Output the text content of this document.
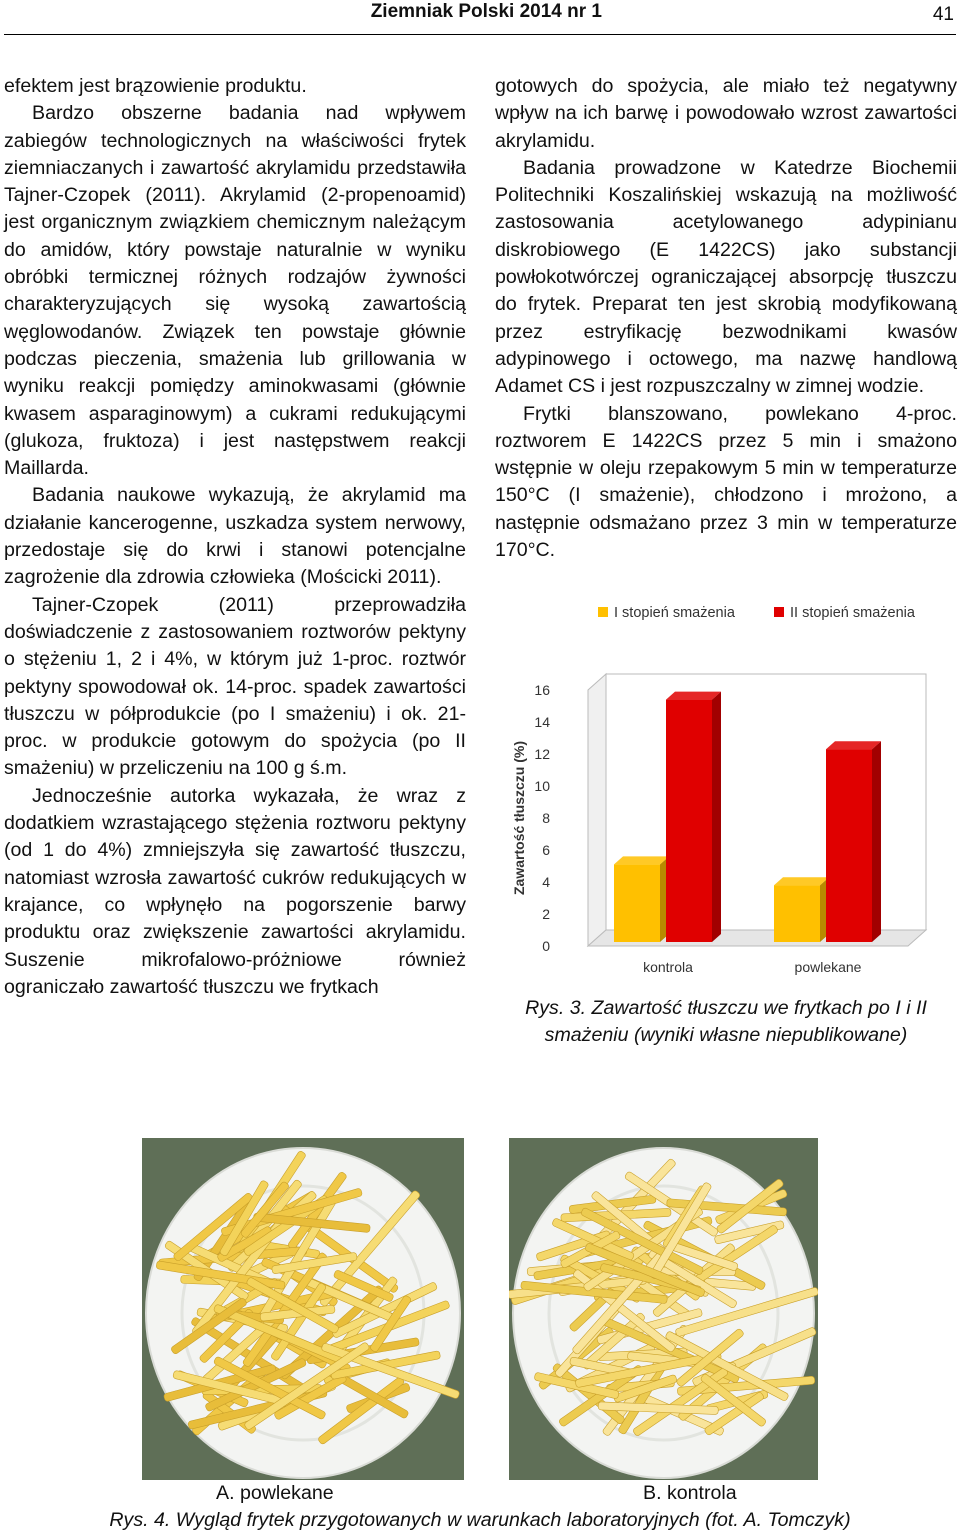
Ziemniak Polski 2014 nr 1	41

efektem jest brązowienie produktu.

Bardzo obszerne badania nad wpływem zabiegów technologicznych na właściwości frytek ziemniaczanych i zawartość akrylamidu przedstawiła Tajner-Czopek (2011). Akrylamid (2-propenoamid) jest organicznym związkiem chemicznym należącym do amidów, który powstaje naturalnie w wyniku obróbki termicznej różnych rodzajów żywności charakteryzujących się wysoką zawartością węglowodanów. Związek ten powstaje głównie podczas pieczenia, smażenia lub grillowania w wyniku reakcji pomiędzy aminokwasami (głównie kwasem asparaginowym) a cukrami redukującymi (glukoza, fruktoza) i jest następstwem reakcji Maillarda.

Badania naukowe wykazują, że akrylamid ma działanie kancerogenne, uszkadza system nerwowy, przedostaje się do krwi i stanowi potencjalne zagrożenie dla zdrowia człowieka (Mościcki 2011).

Tajner-Czopek (2011) przeprowadziła doświadczenie z zastosowaniem roztworów pektyny o stężeniu 1, 2 i 4%, w którym już 1-proc. roztwór pektyny spowodował ok. 14-proc. spadek zawartości tłuszczu w półprodukcie (po I smażeniu) i ok. 21-proc. w produkcie gotowym do spożycia (po II smażeniu) w przeliczeniu na 100 g ś.m.

Jednocześnie autorka wykazała, że wraz z dodatkiem wzrastającego stężenia roztworu pektyny (od 1 do 4%) zmniejszyła się zawartość tłuszczu, natomiast wzrosła zawartość cukrów redukujących w krajance, co wpłynęło na pogorszenie barwy produktu oraz zwiększenie zawartości akrylamidu. Suszenie mikrofalowo-próżniowe również ograniczało zawartość tłuszczu we frytkach

gotowych do spożycia, ale miało też negatywny wpływ na ich barwę i powodowało wzrost zawartości akrylamidu.

Badania prowadzone w Katedrze Biochemii Politechniki Koszalińskiej wskazują na możliwość zastosowania acetylowanego adypinianu diskrobiowego (E 1422CS) jako substancji powłokotwórczej ograniczającej absorpcję tłuszczu do frytek. Preparat ten jest skrobią modyfikowaną przez estryfikację bezwodnikami kwasów adypinowego i octowego, ma nazwę handlową Adamet CS i jest rozpuszczalny w zimnej wodzie.

Frytki blanszowano, powlekano 4-proc. roztworem E 1422CS przez 5 min i smażono wstępnie w oleju rzepakowym 5 min w temperaturze 150°C (I smażenie), chłodzono i mrożono, a następnie odsmażano przez 3 min w temperaturze 170°C.

I stopień smażenia	II stopień smażenia
0
2
4
6
8
10
12
14
16
Zawartość tłuszczu (%)
kontrola	powlekane
Rys. 3. Zawartość tłuszczu we frytkach po I i II smażeniu (wyniki własne niepublikowane)
A. powlekane	B. kontrola
Rys. 4. Wygląd frytek przygotowanych w warunkach laboratoryjnych (fot. A. Tomczyk)
